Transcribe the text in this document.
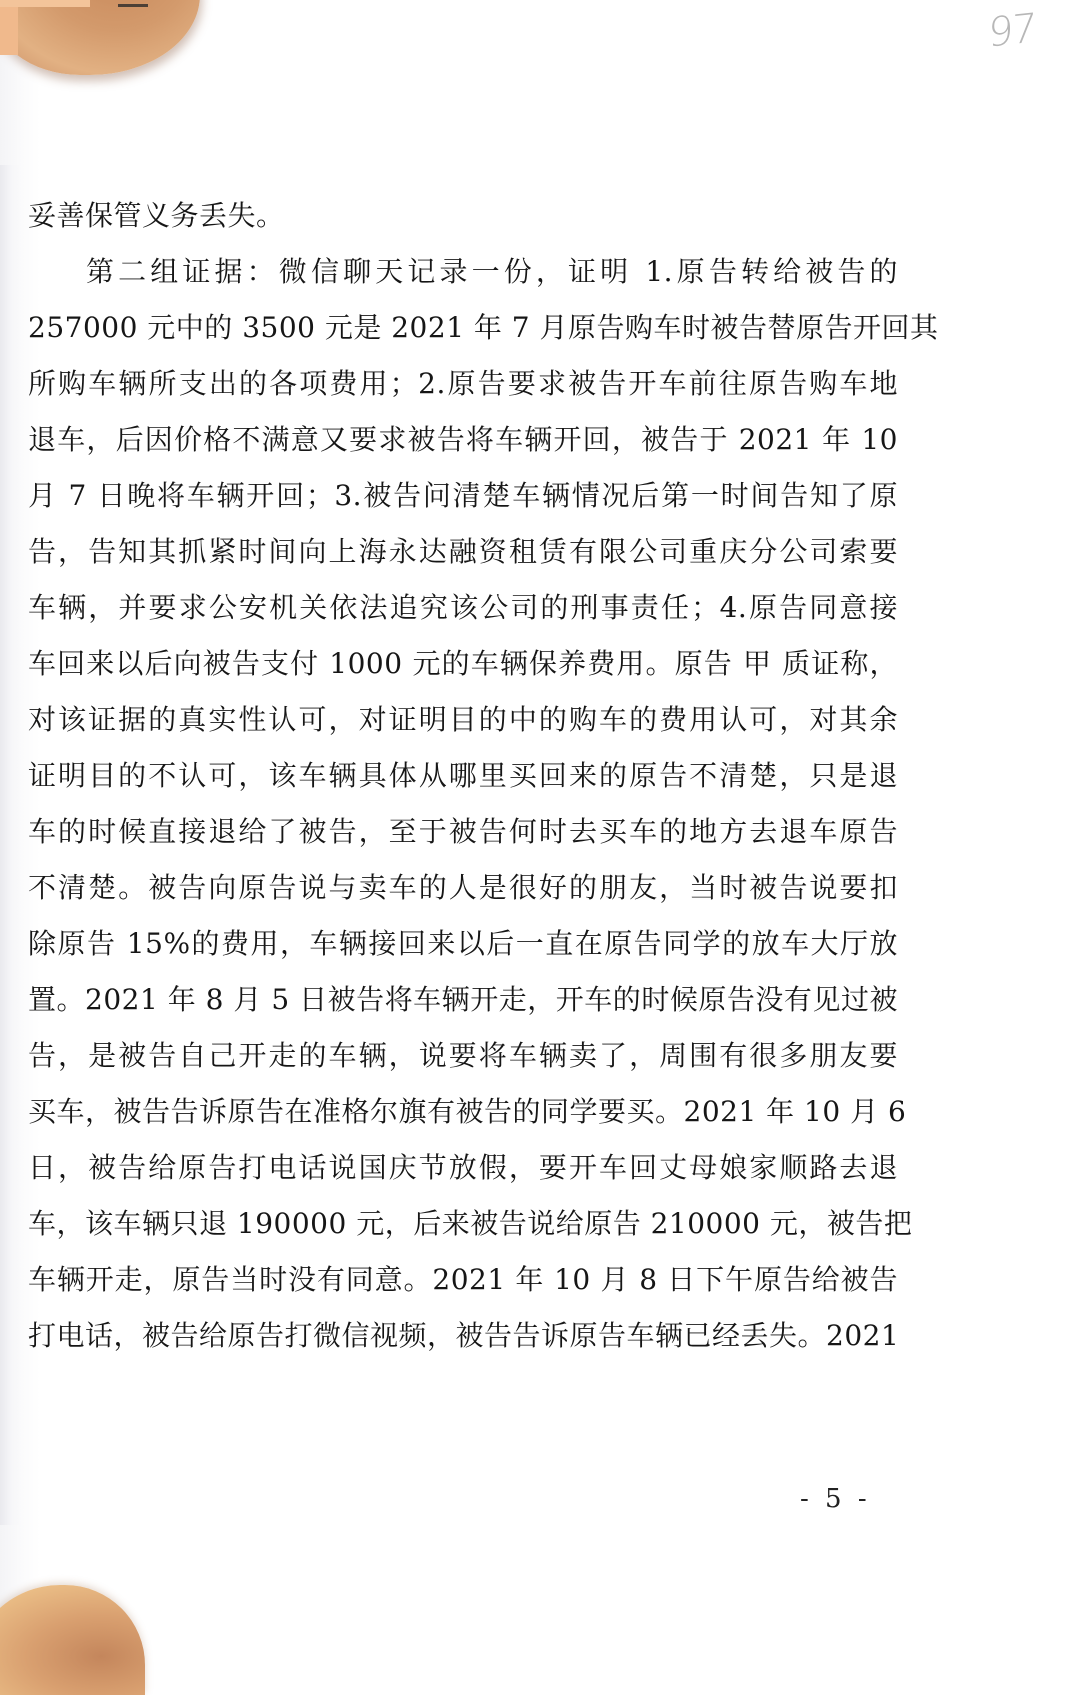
97
妥善保管义务丢失。
第二组证据：微信聊天记录一份，证明 1.原告转给被告的
257000 元中的 3500 元是 2021 年 7 月原告购车时被告替原告开回其
所购车辆所支出的各项费用；2.原告要求被告开车前往原告购车地
退车，后因价格不满意又要求被告将车辆开回，被告于 2021 年 10
月 7 日晚将车辆开回；3.被告问清楚车辆情况后第一时间告知了原
告，告知其抓紧时间向上海永达融资租赁有限公司重庆分公司索要
车辆，并要求公安机关依法追究该公司的刑事责任；4.原告同意接
车回来以后向被告支付 1000 元的车辆保养费用。原告 甲 质证称，
对该证据的真实性认可，对证明目的中的购车的费用认可，对其余
证明目的不认可，该车辆具体从哪里买回来的原告不清楚，只是退
车的时候直接退给了被告，至于被告何时去买车的地方去退车原告
不清楚。被告向原告说与卖车的人是很好的朋友，当时被告说要扣
除原告 15%的费用，车辆接回来以后一直在原告同学的放车大厅放
置。2021 年 8 月 5 日被告将车辆开走，开车的时候原告没有见过被
告，是被告自己开走的车辆，说要将车辆卖了，周围有很多朋友要
买车，被告告诉原告在准格尔旗有被告的同学要买。2021 年 10 月 6
日，被告给原告打电话说国庆节放假，要开车回丈母娘家顺路去退
车，该车辆只退 190000 元，后来被告说给原告 210000 元，被告把
车辆开走，原告当时没有同意。2021 年 10 月 8 日下午原告给被告
打电话，被告给原告打微信视频，被告告诉原告车辆已经丢失。2021
- 5 -
